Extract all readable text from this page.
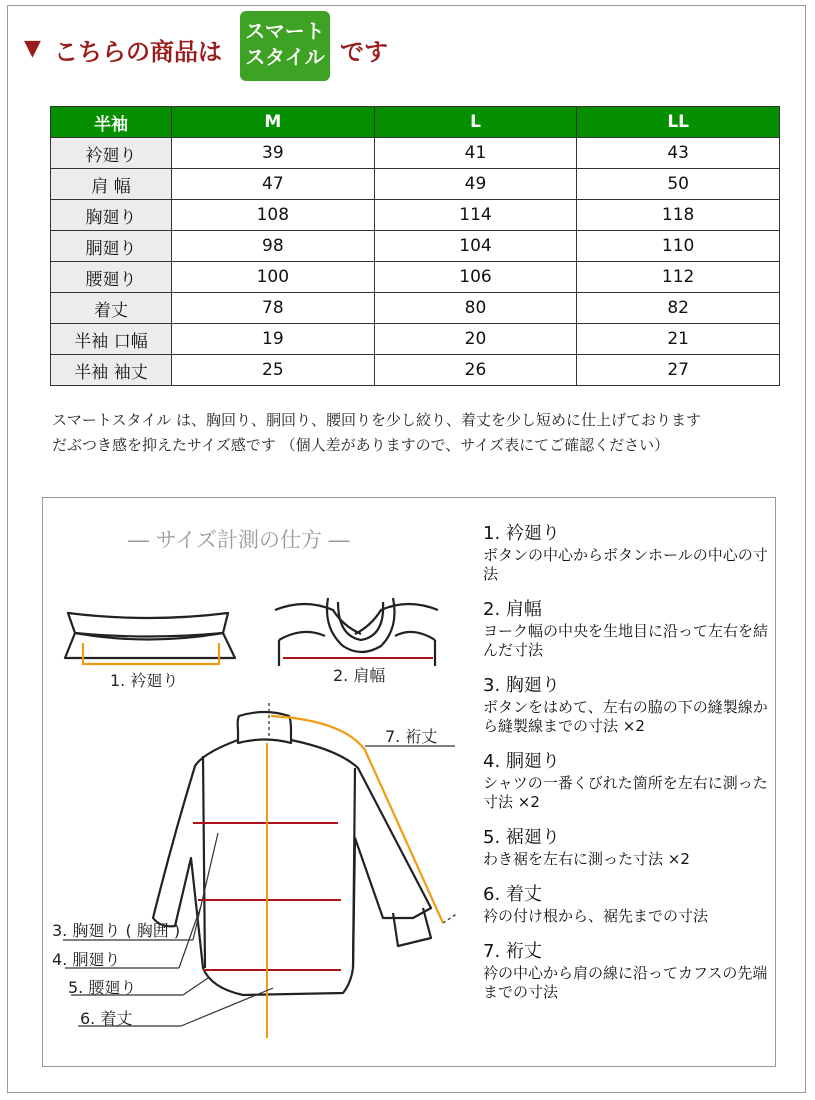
▼ こちらの商品は
スマート
スタイル です
半袖	M	L	LL
衿廻り	39	41	43
肩 幅	47	49	50
胸廻り	108	114	118
胴廻り	98	104	110
腰廻り	100	106	112
着丈	78	80	82
半袖 口幅	19	20	21
半袖 袖丈	25	26	27
スマートスタイル は、胸回り、胴回り、腰回りを少し絞り、着丈を少し短めに仕上げております
だぶつき感を抑えたサイズ感です （個人差がありますので、サイズ表にてご確認ください）
― サイズ計測の仕方 ―
1. 衿廻り	2. 肩幅
7. 裄丈
3. 胸廻り ( 胸囲 )
4. 胴廻り
5. 腰廻り
6. 着丈
1. 衿廻り
ボタンの中心からボタンホールの中心の寸法
2. 肩幅
ヨーク幅の中央を生地目に沿って左右を結んだ寸法
3. 胸廻り
ボタンをはめて、左右の脇の下の縫製線から縫製線までの寸法 ×2
4. 胴廻り
シャツの一番くびれた箇所を左右に測った寸法 ×2
5. 裾廻り
わき裾を左右に測った寸法 ×2
6. 着丈
衿の付け根から、裾先までの寸法
7. 裄丈
衿の中心から肩の線に沿ってカフスの先端までの寸法
